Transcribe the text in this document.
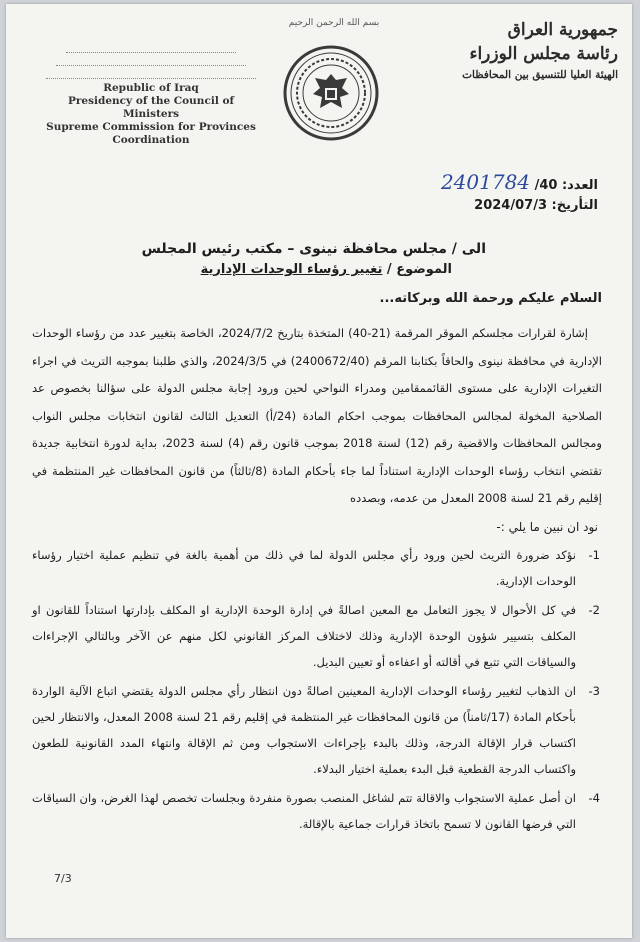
بسم الله الرحمن الرحيم	جمهورية العراق
رئاسة مجلس الوزراء
الهيئة العليا للتنسيق بين المحافظات
Republic of Iraq
Presidency of the Council of Ministers
Supreme Commission for Provinces Coordination
العدد: 40/ 2401784
التأريخ: 2024/07/3
الى / مجلس محافظة نينوى – مكتب رئيس المجلس
الموضوع / تغيير رؤساء الوحدات الإدارية
السلام عليكم ورحمة الله وبركاته...
إشارة لقرارات مجلسكم الموقر المرقمة (21-40) المتخذة بتاريخ 2024/7/2، الخاصة بتغيير عدد من رؤساء الوحدات الإدارية في محافظة نينوى والحاقاً بكتابنا المرقم (2400672/40) في 2024/3/5، والذي طلبنا بموجبه التريث في اجراء التغيرات الإدارية على مستوى القائممقامين ومدراء النواحي لحين ورود إجابة مجلس الدولة على سؤالنا بخصوص عد الصلاحية المخولة لمجالس المحافظات بموجب احكام المادة (24/أ) التعديل الثالث لقانون انتخابات مجلس النواب ومجالس المحافظات والاقضية رقم (12) لسنة 2018 بموجب قانون رقم (4) لسنة 2023، بداية لدورة انتخابية جديدة تقتضي انتخاب رؤساء الوحدات الإدارية استناداً لما جاء بأحكام المادة (8/ثالثاً) من قانون المحافظات غير المنتظمة في إقليم رقم 21 لسنة 2008 المعدل من عدمه، وبصدده
نود ان نبين ما يلي :-
1-
نؤكد ضرورة التريث لحين ورود رأي مجلس الدولة لما في ذلك من أهمية بالغة في تنظيم عملية اختيار رؤساء الوحدات الإدارية.
2-
في كل الأحوال لا يجوز التعامل مع المعين اصالةً في إدارة الوحدة الإدارية او المكلف بإدارتها استناداً للقانون او المكلف بتسيير شؤون الوحدة الإدارية وذلك لاختلاف المركز القانوني لكل منهم عن الآخر وبالتالي الإجراءات والسياقات التي تتبع في أقالته أو اعفاءه أو تعيين البديل.
3-
ان الذهاب لتغيير رؤساء الوحدات الإدارية المعينين اصالةً دون انتظار رأي مجلس الدولة يقتضي اتباع الآلية الواردة بأحكام المادة (17/ثامناً) من قانون المحافظات غير المنتظمة في إقليم رقم 21 لسنة 2008 المعدل، والانتظار لحين اكتساب قرار الإقالة الدرجة، وذلك بالبدء بإجراءات الاستجواب ومن ثم الإقالة وانتهاء المدد القانونية للطعون واكتساب الدرجة القطعية قبل البدء بعملية اختيار البدلاء.
4-
ان أصل عملية الاستجواب والاقالة تتم لشاغل المنصب بصورة منفردة وبجلسات تخصص لهذا الغرض، وان السياقات التي فرضها القانون لا تسمح باتخاذ قرارات جماعية بالإقالة.
7/3
